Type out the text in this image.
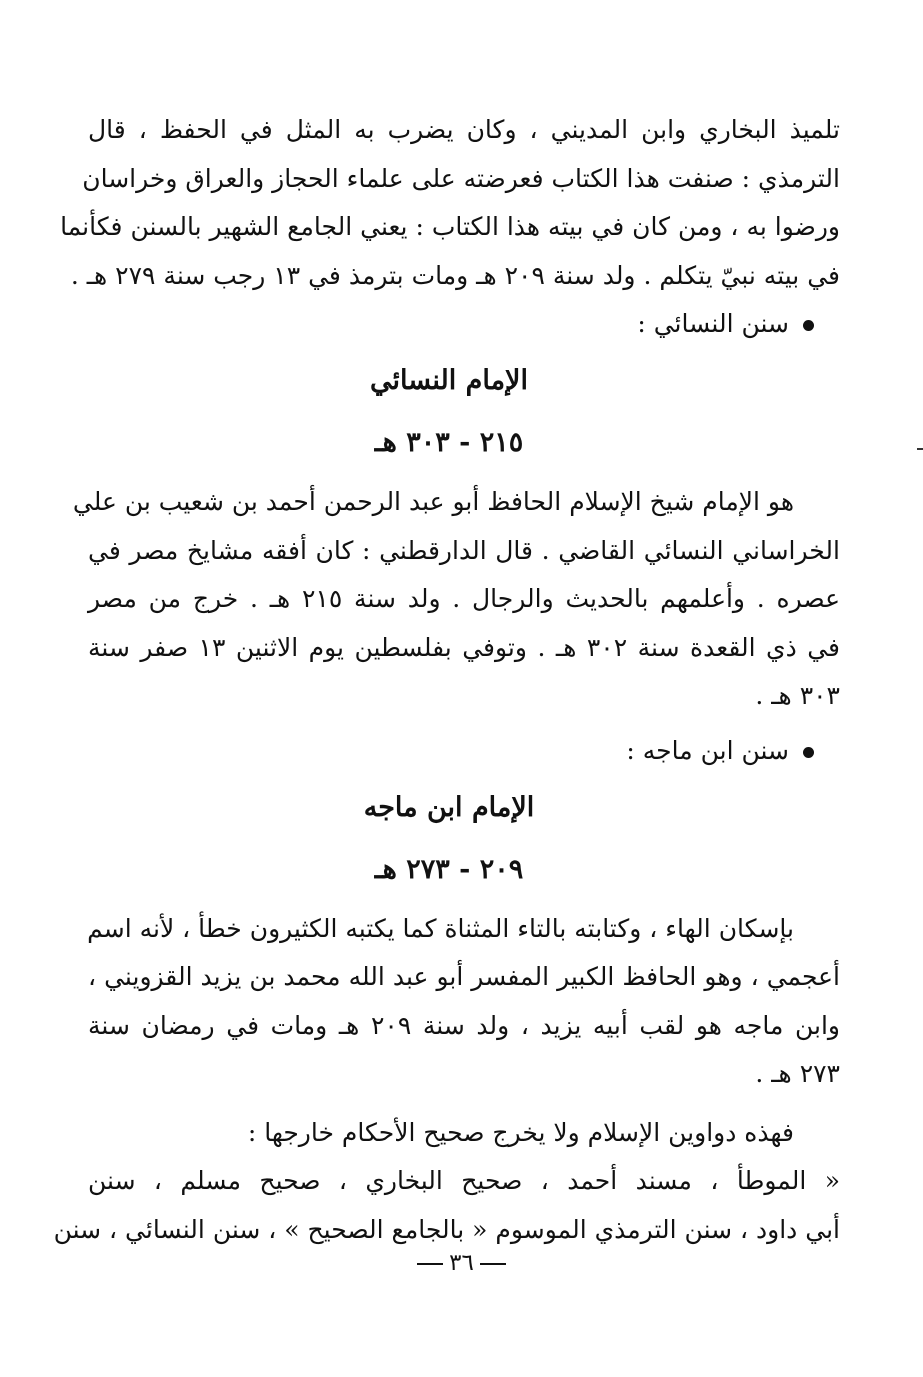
تلميذ البخاري وابن المديني ، وكان يضرب به المثل في الحفظ ، قال
الترمذي : صنفت هذا الكتاب فعرضته على علماء الحجاز والعراق وخراسان
ورضوا به ، ومن كان في بيته هذا الكتاب : يعني الجامع الشهير بالسنن فكأنما
في بيته نبيّ يتكلم . ولد سنة ٢٠٩ هـ ومات بترمذ في ١٣ رجب سنة ٢٧٩ هـ .

سنن النسائي :

الإمام النسائي

٢١٥ - ٣٠٣ هـ

هو الإمام شيخ الإسلام الحافظ أبو عبد الرحمن أحمد بن شعيب بن علي
الخراساني النسائي القاضي . قال الدارقطني : كان أفقه مشايخ مصر في
عصره . وأعلمهم بالحديث والرجال . ولد سنة ٢١٥ هـ . خرج من مصر
في ذي القعدة سنة ٣٠٢ هـ . وتوفي بفلسطين يوم الاثنين ١٣ صفر سنة
٣٠٣ هـ .

سنن ابن ماجه :

الإمام ابن ماجه

٢٠٩ - ٢٧٣ هـ

بإسكان الهاء ، وكتابته بالتاء المثناة كما يكتبه الكثيرون خطأ ، لأنه اسم
أعجمي ، وهو الحافظ الكبير المفسر أبو عبد الله محمد بن يزيد القزويني ،
وابن ماجه هو لقب أبيه يزيد ، ولد سنة ٢٠٩ هـ ومات في رمضان سنة
٢٧٣ هـ .

فهذه دواوين الإسلام ولا يخرج صحيح الأحكام خارجها :
« الموطأ ، مسند أحمد ، صحيح البخاري ، صحيح مسلم ، سنن
أبي داود ، سنن الترمذي الموسوم « بالجامع الصحيح » ، سنن النسائي ، سنن

٣٦
